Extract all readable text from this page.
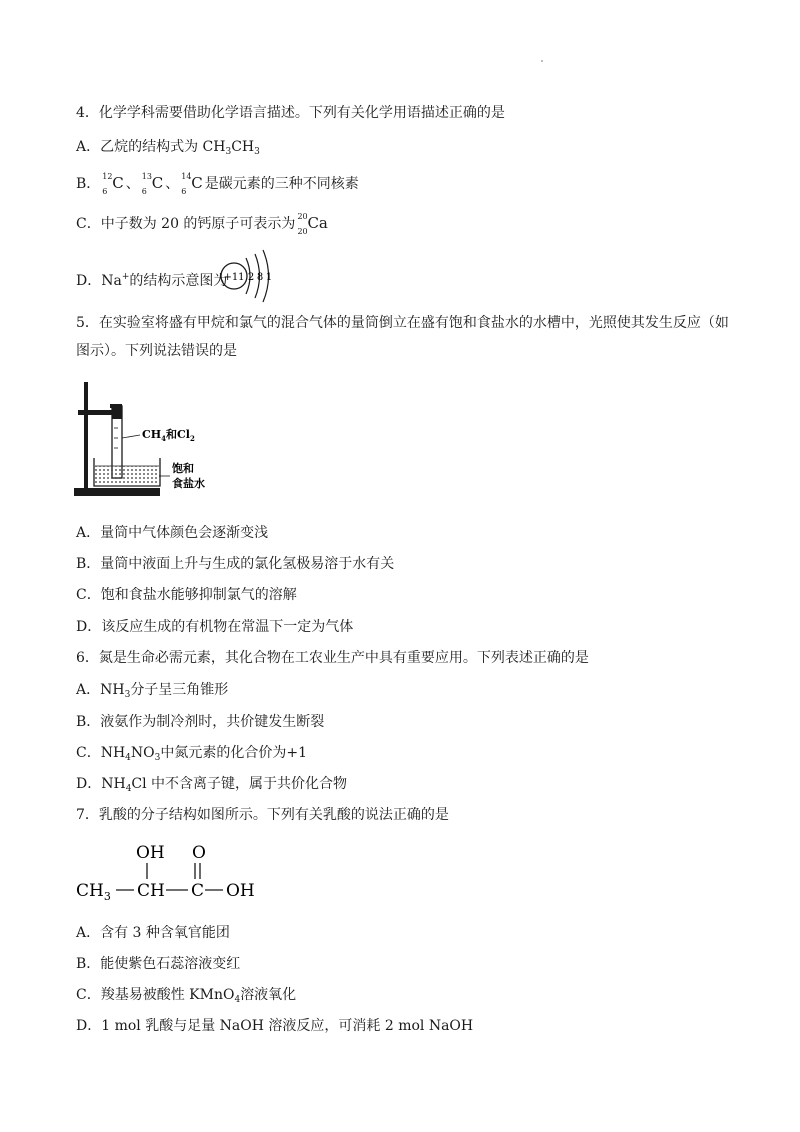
4．化学学科需要借助化学语言描述。下列有关化学用语描述正确的是
A．乙烷的结构式为 $CH_3CH_3$
B． 12
6 C 、 13
6 C 、 14
6 C 是碳元素的三种不同核素
C．中子数为 20 的钙原子可表示为 20
20 Ca
D．Na+的结构示意图为
+11 2 8 1
5．在实验室将盛有甲烷和氯气的混合气体的量筒倒立在盛有饱和食盐水的水槽中，光照使其发生反应（如
图示）。下列说法错误的是
$CH_4$和$Cl_2$
饱和
食盐水
A．量筒中气体颜色会逐渐变浅
B．量筒中液面上升与生成的氯化氢极易溶于水有关
C．饱和食盐水能够抑制氯气的溶解
D．该反应生成的有机物在常温下一定为气体
6．氮是生命必需元素，其化合物在工农业生产中具有重要应用。下列表述正确的是
A．$NH_3$分子呈三角锥形
B．液氨作为制冷剂时，共价键发生断裂
C．$NH_4NO_3$中氮元素的化合价为+1
D．$NH_4Cl$ 中不含离子键，属于共价化合物
7．乳酸的分子结构如图所示。下列有关乳酸的说法正确的是
OH O
$CH_3$ CH C OH
A．含有 3 种含氧官能团
B．能使紫色石蕊溶液变红
C．羧基易被酸性 KMnO$_4$溶液氧化
D．1 mol 乳酸与足量 NaOH 溶液反应，可消耗 2 mol NaOH
